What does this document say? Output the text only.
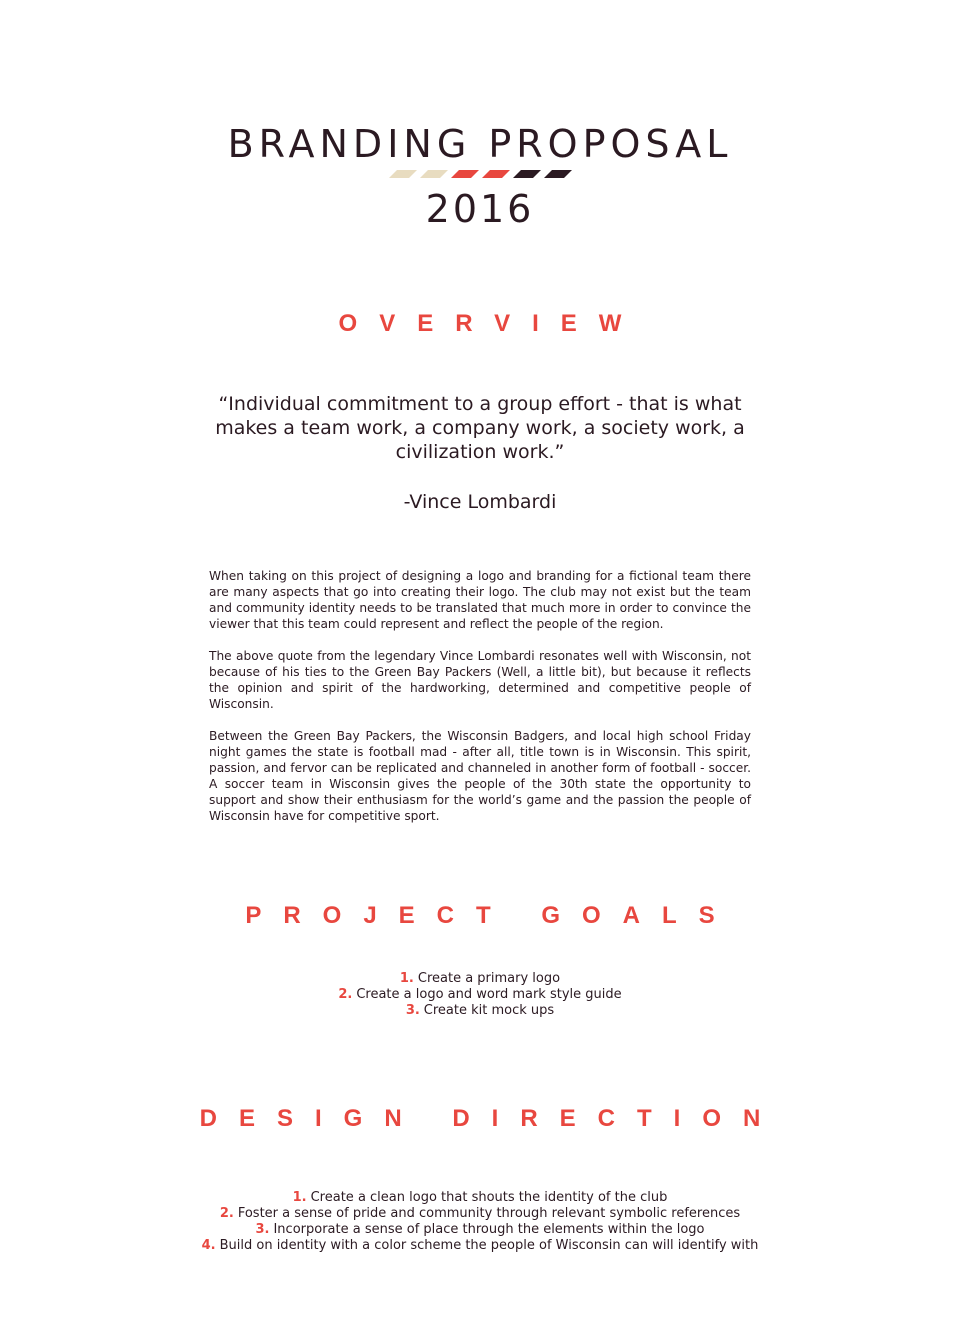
BRANDING PROPOSAL
2016
OVERVIEW
“Individual commitment to a group effort - that is what makes a team work, a company work, a society work, a civilization work.”
-Vince Lombardi

When taking on this project of designing a logo and branding for a fictional team there are many aspects that go into creating their logo. The club may not exist but the team and community identity needs to be translated that much more in order to convince the viewer that this team could represent and reflect the people of the region.

The above quote from the legendary Vince Lombardi resonates well with Wisconsin, not because of his ties to the Green Bay Packers (Well, a little bit), but because it reflects the opinion and spirit of the hardworking, determined and competitive people of Wisconsin.

Between the Green Bay Packers, the Wisconsin Badgers, and local high school Friday night games the state is football mad - after all, title town is in Wisconsin. This spirit, passion, and fervor can be replicated and channeled in another form of football - soccer. A soccer team in Wisconsin gives the people of the 30th state the opportunity to support and show their enthusiasm for the world’s game and the passion the people of Wisconsin have for competitive sport.

PROJECT GOALS
1. Create a primary logo
2. Create a logo and word mark style guide
3. Create kit mock ups
DESIGN DIRECTION
1. Create a clean logo that shouts the identity of the club
2. Foster a sense of pride and community through relevant symbolic references
3. Incorporate a sense of place through the elements within the logo
4. Build on identity with a color scheme the people of Wisconsin can will identify with
